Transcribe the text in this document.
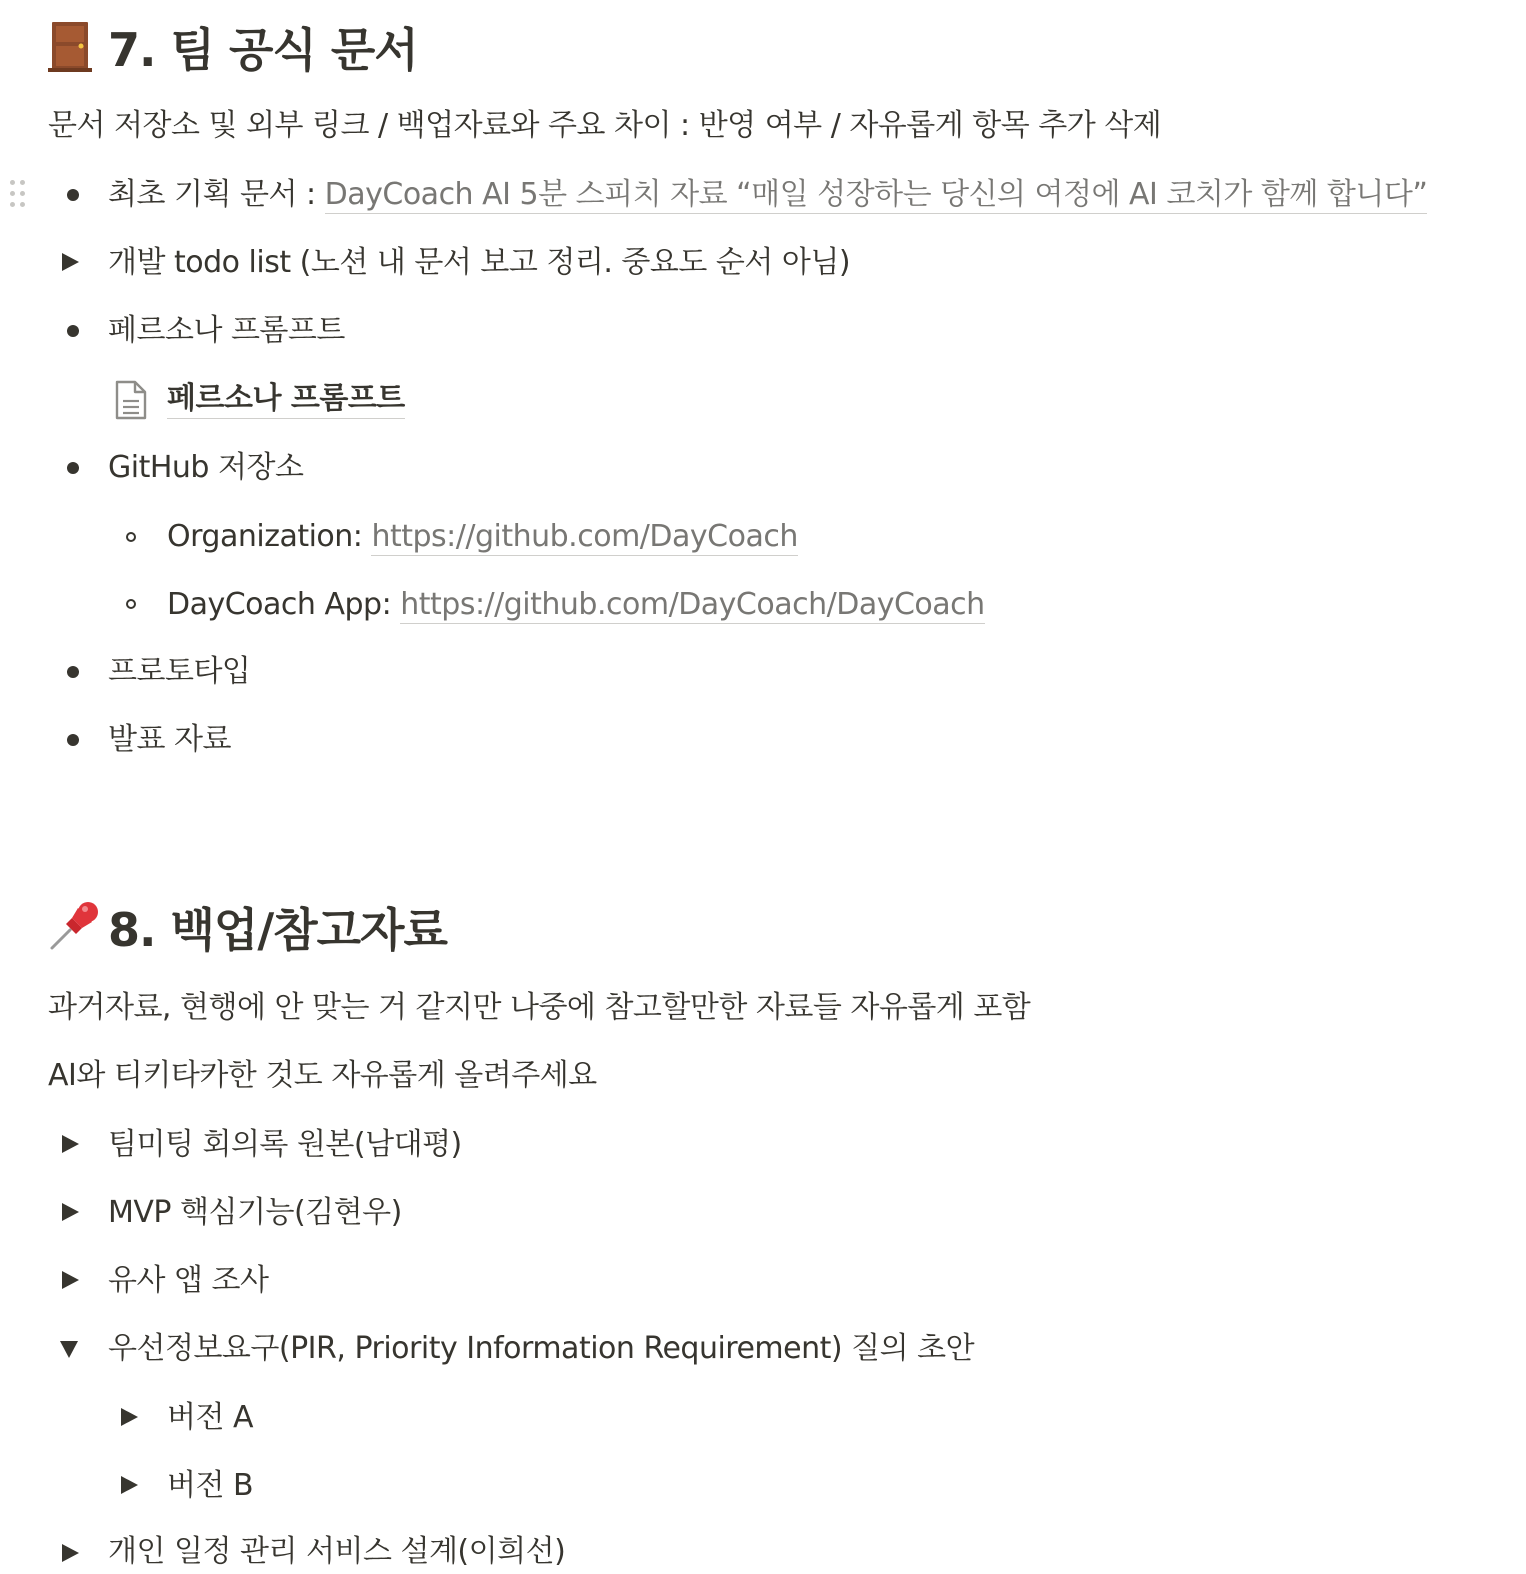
7. 팀 공식 문서
문서 저장소 및 외부 링크 / 백업자료와 주요 차이 : 반영 여부 / 자유롭게 항목 추가 삭제
최초 기획 문서 : DayCoach AI 5분 스피치 자료 “매일 성장하는 당신의 여정에 AI 코치가 함께 합니다”
개발 todo list (노션 내 문서 보고 정리. 중요도 순서 아님)
페르소나 프롬프트
페르소나 프롬프트
GitHub 저장소
Organization: https://github.com/DayCoach
DayCoach App: https://github.com/DayCoach/DayCoach
프로토타입
발표 자료
8. 백업/참고자료
과거자료, 현행에 안 맞는 거 같지만 나중에 참고할만한 자료들 자유롭게 포함
AI와 티키타카한 것도 자유롭게 올려주세요
팀미팅 회의록 원본(남대평)
MVP 핵심기능(김현우)
유사 앱 조사
우선정보요구(PIR, Priority Information Requirement) 질의 초안
버전 A
버전 B
개인 일정 관리 서비스 설계(이희선)
